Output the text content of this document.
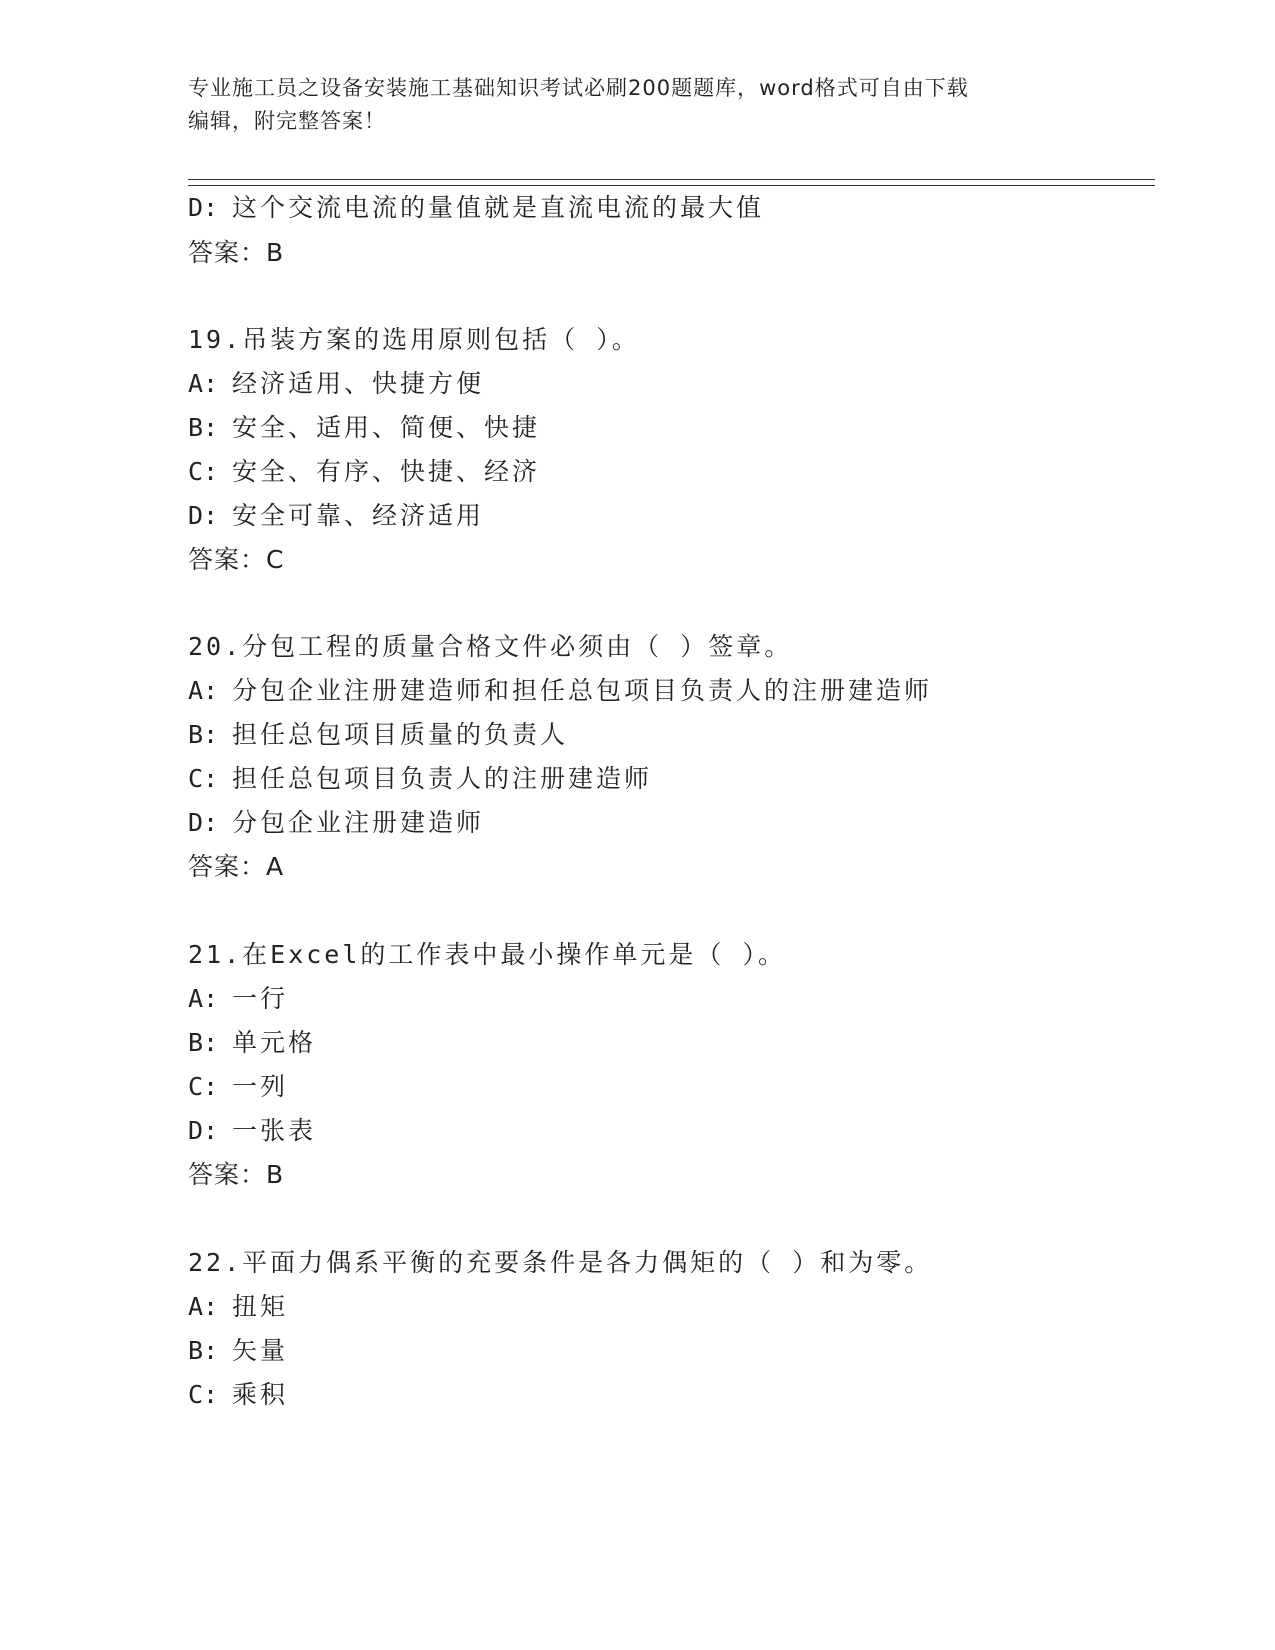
专业施工员之设备安装施工基础知识考试必刷200题题库，word格式可自由下载
编辑，附完整答案！
D: 这个交流电流的量值就是直流电流的最大值
答案：B
19.吊装方案的选用原则包括（ ）。
A: 经济适用、快捷方便
B: 安全、适用、简便、快捷
C: 安全、有序、快捷、经济
D: 安全可靠、经济适用
答案：C
20.分包工程的质量合格文件必须由（ ）签章。
A: 分包企业注册建造师和担任总包项目负责人的注册建造师
B: 担任总包项目质量的负责人
C: 担任总包项目负责人的注册建造师
D: 分包企业注册建造师
答案：A
21.在Excel的工作表中最小操作单元是（ ）。
A: 一行
B: 单元格
C: 一列
D: 一张表
答案：B
22.平面力偶系平衡的充要条件是各力偶矩的（ ）和为零。
A: 扭矩
B: 矢量
C: 乘积
